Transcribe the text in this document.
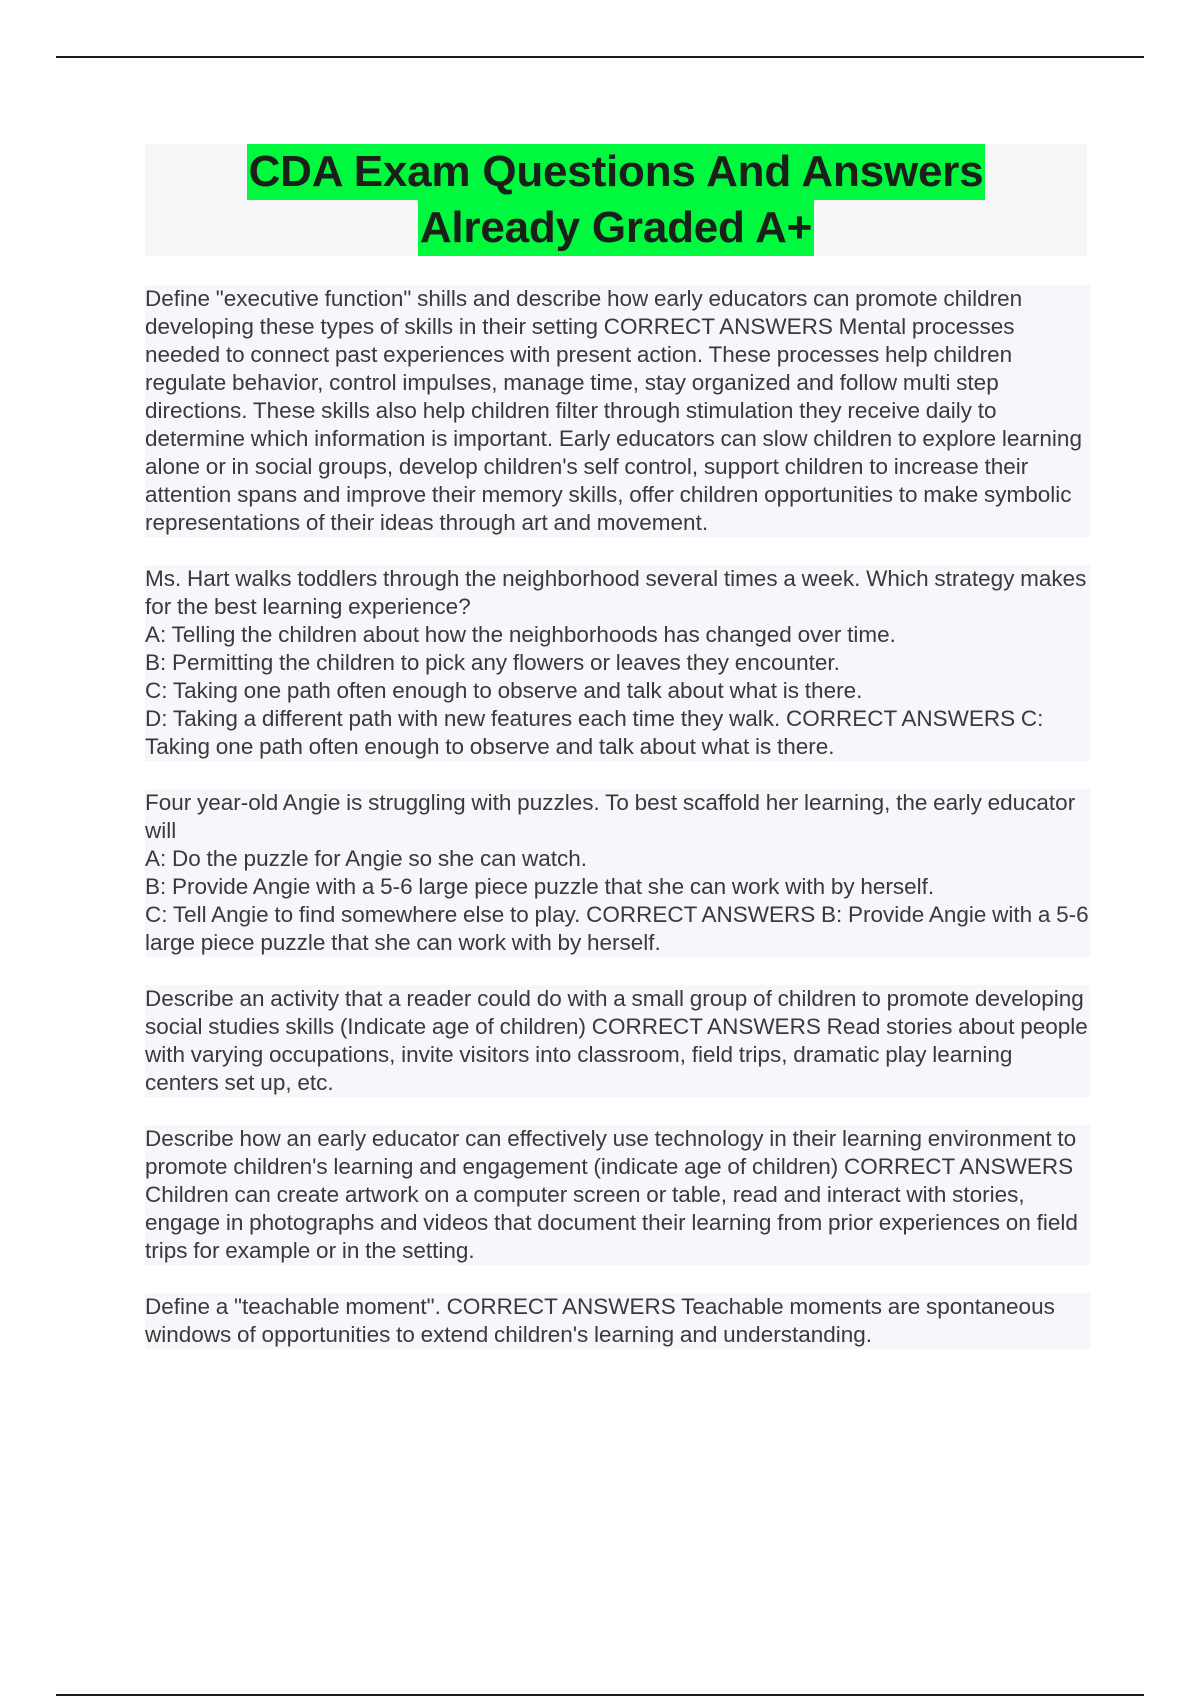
CDA Exam Questions And Answers
Already Graded A+

Define "executive function" shills and describe how early educators can promote children developing these types of skills in their setting CORRECT ANSWERS Mental processes needed to connect past experiences with present action. These processes help children regulate behavior, control impulses, manage time, stay organized and follow multi step directions. These skills also help children filter through stimulation they receive daily to determine which information is important. Early educators can slow children to explore learning alone or in social groups, develop children's self control, support children to increase their attention spans and improve their memory skills, offer children opportunities to make symbolic representations of their ideas through art and movement.

Ms. Hart walks toddlers through the neighborhood several times a week. Which strategy makes for the best learning experience?
A: Telling the children about how the neighborhoods has changed over time.
B: Permitting the children to pick any flowers or leaves they encounter.
C: Taking one path often enough to observe and talk about what is there.
D: Taking a different path with new features each time they walk. CORRECT ANSWERS C: Taking one path often enough to observe and talk about what is there.

Four year-old Angie is struggling with puzzles. To best scaffold her learning, the early educator will
A: Do the puzzle for Angie so she can watch.
B: Provide Angie with a 5-6 large piece puzzle that she can work with by herself.
C: Tell Angie to find somewhere else to play. CORRECT ANSWERS B: Provide Angie with a 5-6 large piece puzzle that she can work with by herself.

Describe an activity that a reader could do with a small group of children to promote developing social studies skills (Indicate age of children) CORRECT ANSWERS Read stories about people with varying occupations, invite visitors into classroom, field trips, dramatic play learning centers set up, etc.

Describe how an early educator can effectively use technology in their learning environment to promote children's learning and engagement (indicate age of children) CORRECT ANSWERS Children can create artwork on a computer screen or table, read and interact with stories, engage in photographs and videos that document their learning from prior experiences on field trips for example or in the setting.

Define a "teachable moment". CORRECT ANSWERS Teachable moments are spontaneous windows of opportunities to extend children's learning and understanding.
